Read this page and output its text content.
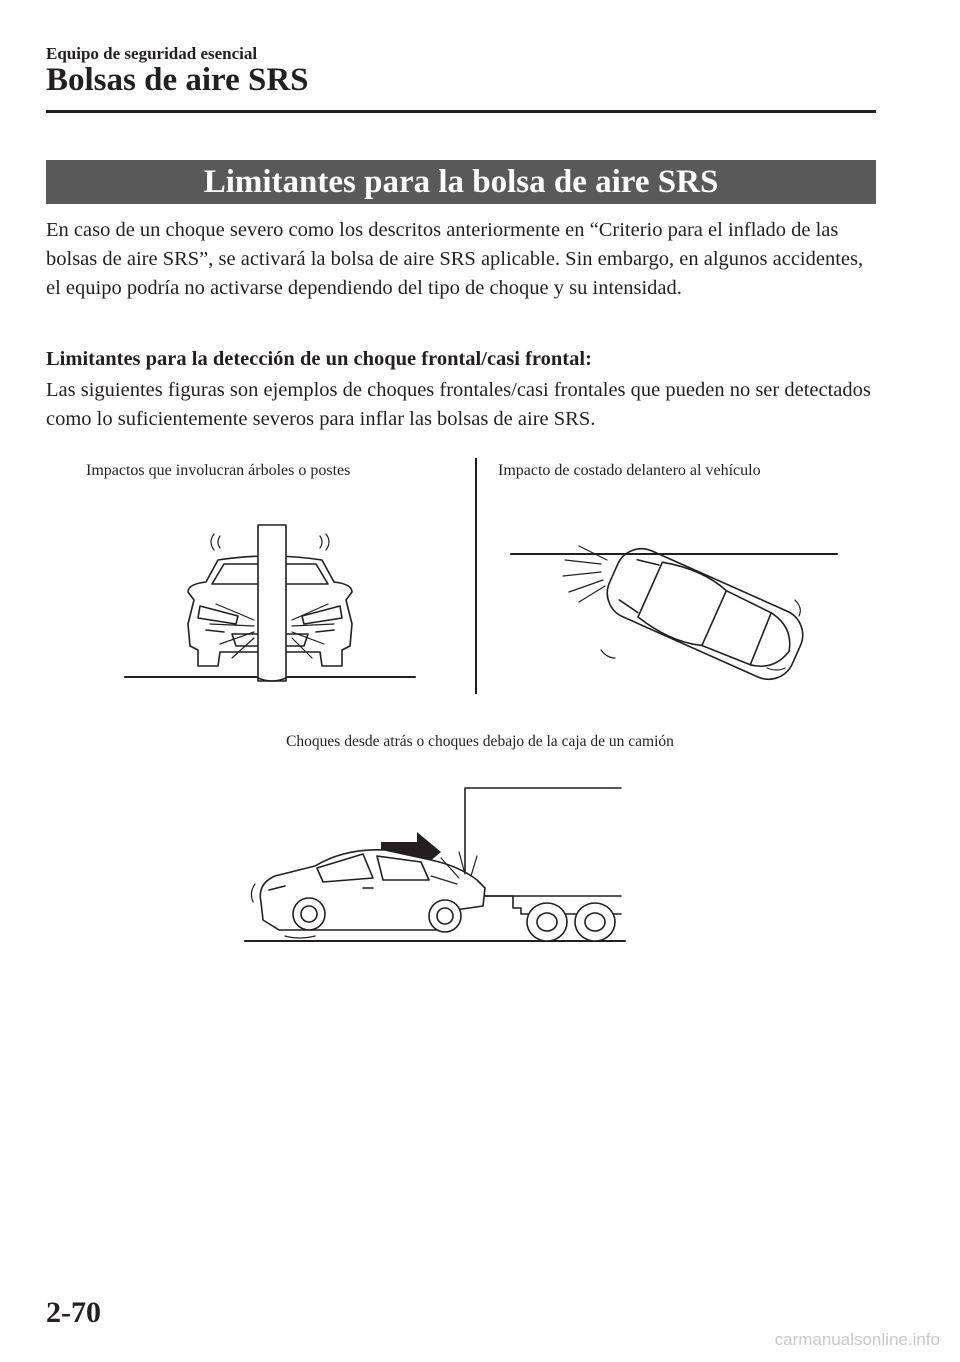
Equipo de seguridad esencial
Bolsas de aire SRS
Limitantes para la bolsa de aire SRS

En caso de un choque severo como los descritos anteriormente en “Criterio para el inflado de las bolsas de aire SRS”, se activará la bolsa de aire SRS aplicable. Sin embargo, en algunos accidentes, el equipo podría no activarse dependiendo del tipo de choque y su intensidad.

Limitantes para la detección de un choque frontal/casi frontal:

Las siguientes figuras son ejemplos de choques frontales/casi frontales que pueden no ser detectados como lo suficientemente severos para inflar las bolsas de aire SRS.

Impactos que involucran árboles o postes	Impacto de costado delantero al vehículo
Choques desde atrás o choques debajo de la caja de un camión
2-70
carmanualsonline.info
